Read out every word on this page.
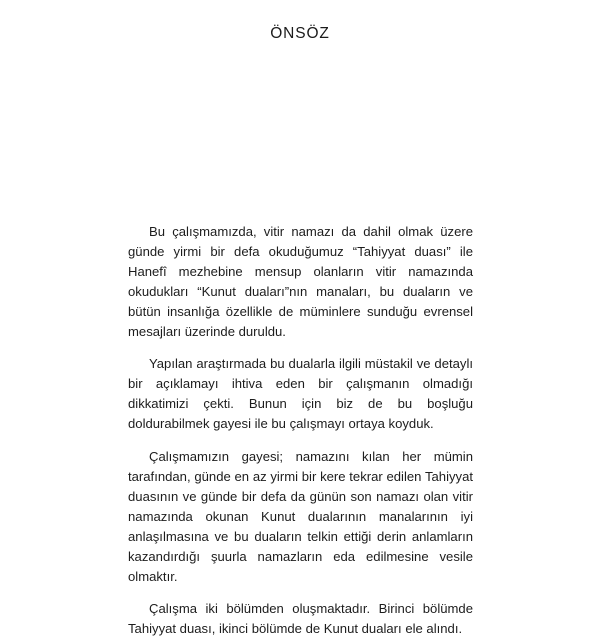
ÖNSÖZ

Bu çalışmamızda, vitir namazı da dahil olmak üzere günde yirmi bir defa okuduğumuz “Tahiyyat duası” ile Hanefî mezhebine mensup olanların vitir namazında okudukları “Kunut duaları”nın manaları, bu duaların ve bütün insanlığa özellikle de müminlere sunduğu evrensel mesajları üzerinde duruldu.

Yapılan araştırmada bu dualarla ilgili müstakil ve detaylı bir açıklamayı ihtiva eden bir çalışmanın olmadığı dikkatimizi çekti. Bunun için biz de bu boşluğu doldurabilmek gayesi ile bu çalışmayı ortaya koyduk.

Çalışmamızın gayesi; namazını kılan her mümin tarafından, günde en az yirmi bir kere tekrar edilen Tahiyyat duasının ve günde bir defa da günün son namazı olan vitir namazında okunan Kunut dualarının manalarının iyi anlaşılmasına ve bu duaların telkin ettiği derin anlamların kazandırdığı şuurla namazların eda edilmesine vesile olmaktır.

Çalışma iki bölümden oluşmaktadır. Birinci bölümde Tahiyyat duası, ikinci bölümde de Kunut duaları ele alındı.
